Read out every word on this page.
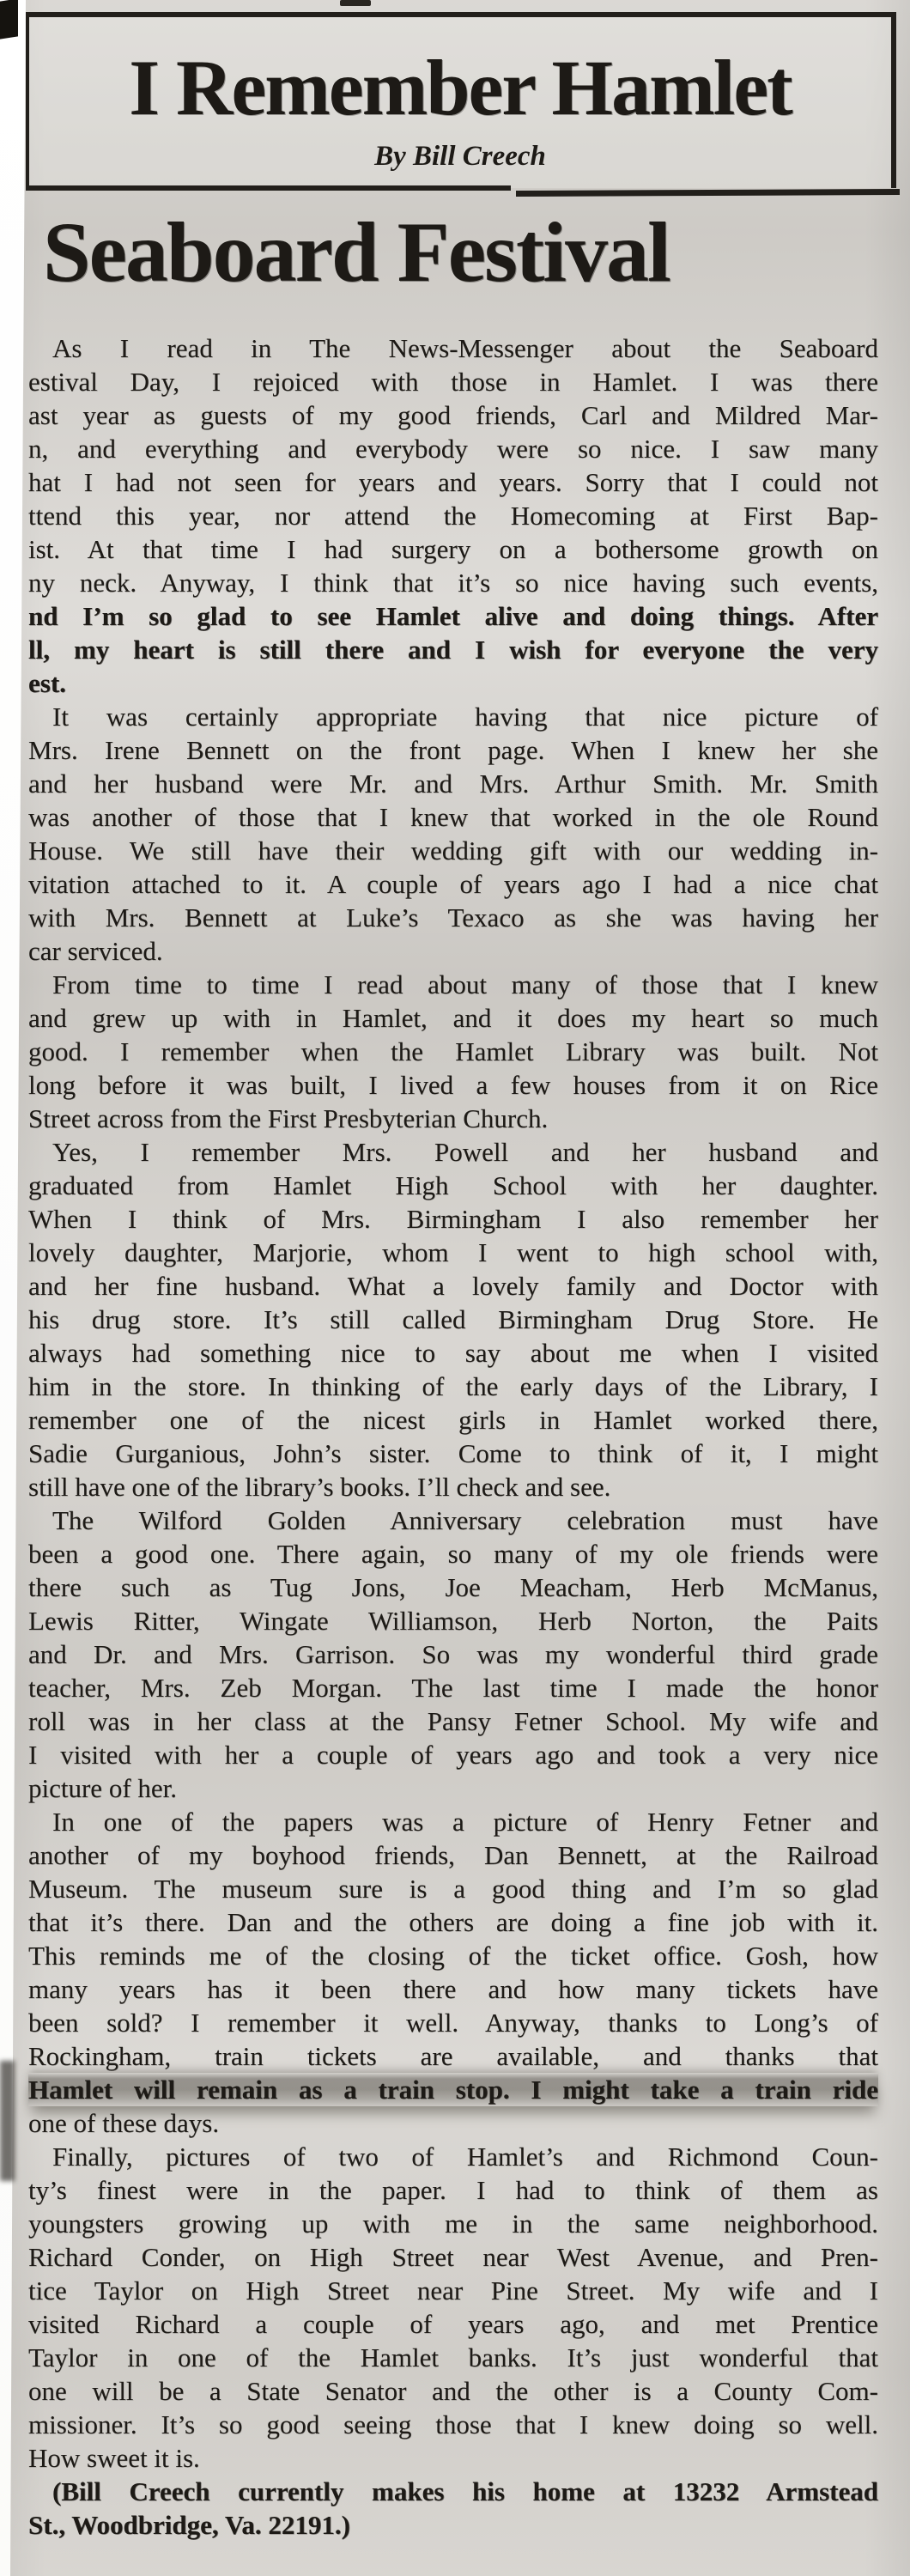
I Remember Hamlet
By Bill Creech
Seaboard Festival
As I read in The News-Messenger about the Seaboard
estival Day, I rejoiced with those in Hamlet. I was there
ast year as guests of my good friends, Carl and Mildred Mar-
n, and everything and everybody were so nice. I saw many
hat I had not seen for years and years. Sorry that I could not
ttend this year, nor attend the Homecoming at First Bap-
ist. At that time I had surgery on a bothersome growth on
ny neck. Anyway, I think that it’s so nice having such events,
nd I’m so glad to see Hamlet alive and doing things. After
ll, my heart is still there and I wish for everyone the very
est.
It was certainly appropriate having that nice picture of
Mrs. Irene Bennett on the front page. When I knew her she
and her husband were Mr. and Mrs. Arthur Smith. Mr. Smith
was another of those that I knew that worked in the ole Round
House. We still have their wedding gift with our wedding in-
vitation attached to it. A couple of years ago I had a nice chat
with Mrs. Bennett at Luke’s Texaco as she was having her
car serviced.
From time to time I read about many of those that I knew
and grew up with in Hamlet, and it does my heart so much
good. I remember when the Hamlet Library was built. Not
long before it was built, I lived a few houses from it on Rice
Street across from the First Presbyterian Church.
Yes, I remember Mrs. Powell and her husband and
graduated from Hamlet High School with her daughter.
When I think of Mrs. Birmingham I also remember her
lovely daughter, Marjorie, whom I went to high school with,
and her fine husband. What a lovely family and Doctor with
his drug store. It’s still called Birmingham Drug Store. He
always had something nice to say about me when I visited
him in the store. In thinking of the early days of the Library, I
remember one of the nicest girls in Hamlet worked there,
Sadie Gurganious, John’s sister. Come to think of it, I might
still have one of the library’s books. I’ll check and see.
The Wilford Golden Anniversary celebration must have
been a good one. There again, so many of my ole friends were
there such as Tug Jons, Joe Meacham, Herb McManus,
Lewis Ritter, Wingate Williamson, Herb Norton, the Paits
and Dr. and Mrs. Garrison. So was my wonderful third grade
teacher, Mrs. Zeb Morgan. The last time I made the honor
roll was in her class at the Pansy Fetner School. My wife and
I visited with her a couple of years ago and took a very nice
picture of her.
In one of the papers was a picture of Henry Fetner and
another of my boyhood friends, Dan Bennett, at the Railroad
Museum. The museum sure is a good thing and I’m so glad
that it’s there. Dan and the others are doing a fine job with it.
This reminds me of the closing of the ticket office. Gosh, how
many years has it been there and how many tickets have
been sold? I remember it well. Anyway, thanks to Long’s of
Rockingham, train tickets are available, and thanks that
Hamlet will remain as a train stop. I might take a train ride
one of these days.
Finally, pictures of two of Hamlet’s and Richmond Coun-
ty’s finest were in the paper. I had to think of them as
youngsters growing up with me in the same neighborhood.
Richard Conder, on High Street near West Avenue, and Pren-
tice Taylor on High Street near Pine Street. My wife and I
visited Richard a couple of years ago, and met Prentice
Taylor in one of the Hamlet banks. It’s just wonderful that
one will be a State Senator and the other is a County Com-
missioner. It’s so good seeing those that I knew doing so well.
How sweet it is.
(Bill Creech currently makes his home at 13232 Armstead
St., Woodbridge, Va. 22191.)
